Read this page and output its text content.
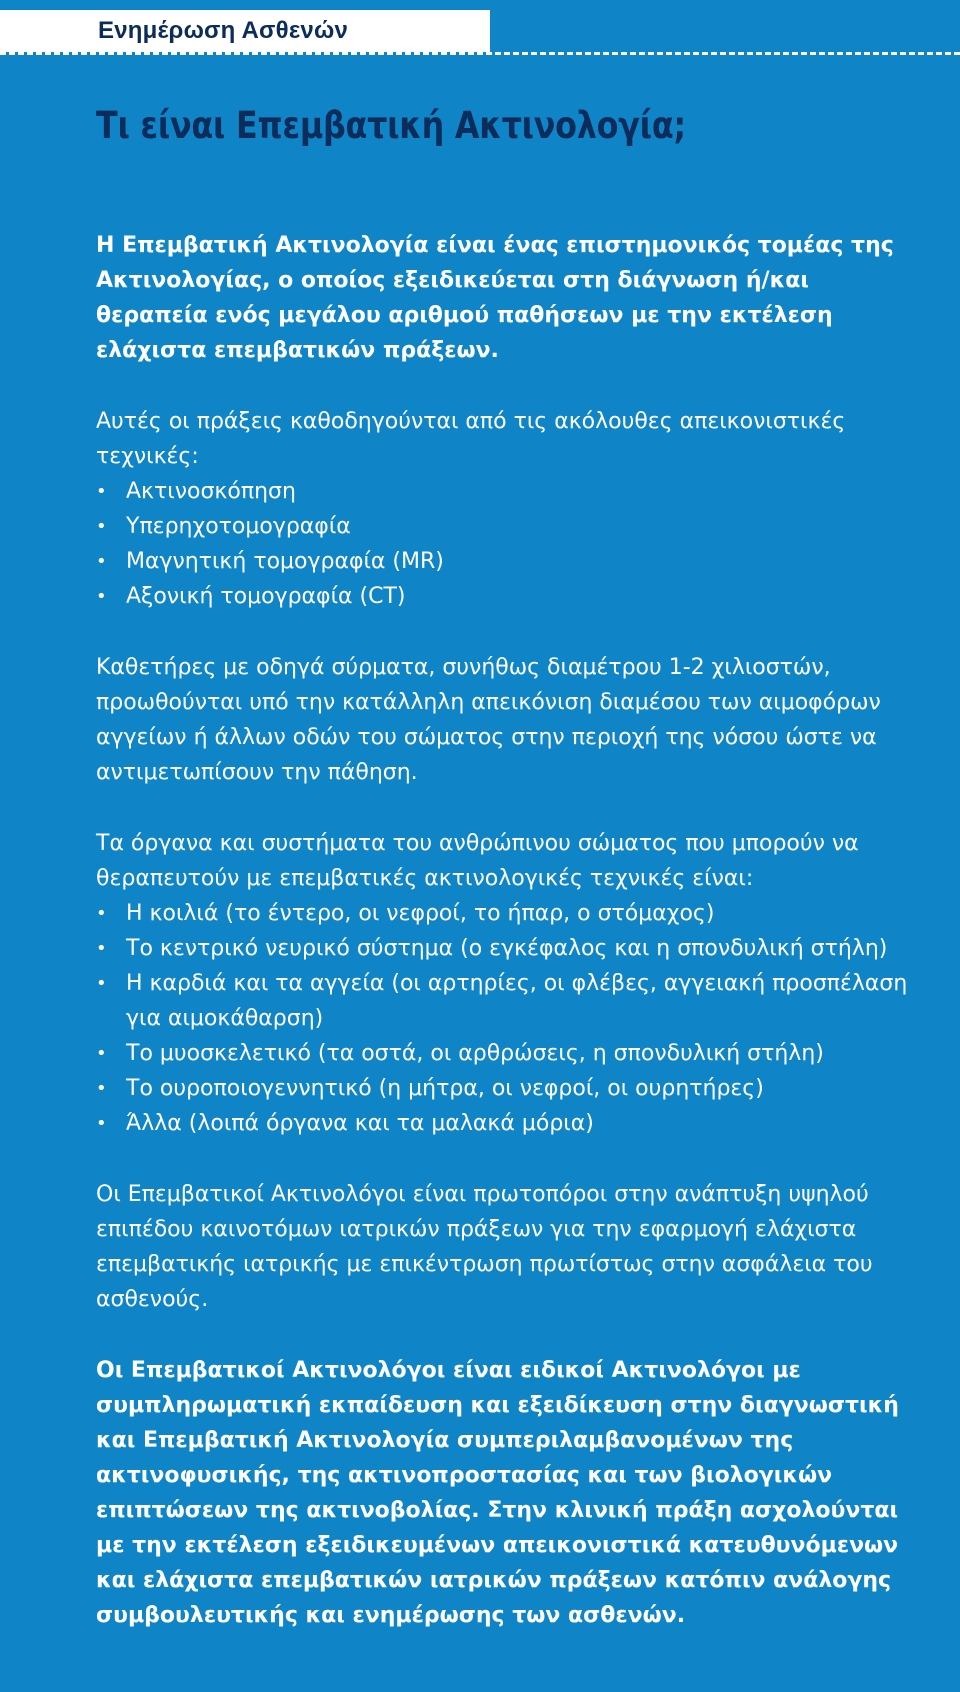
Ενημέρωση Ασθενών
Τι είναι Επεμβατική Ακτινολογία;

Η Επεμβατική Ακτινολογία είναι ένας επιστημονικός τομέας της Ακτινολογίας, ο οποίος εξειδικεύεται στη διάγνωση ή/και θεραπεία ενός μεγάλου αριθμού παθήσεων με την εκτέλεση ελάχιστα επεμβατικών πράξεων.

Αυτές οι πράξεις καθοδηγούνται από τις ακόλουθες απεικονιστικές τεχνικές:

• Ακτινοσκόπηση
• Υπερηχοτομογραφία
• Μαγνητική τομογραφία (MR)
• Αξονική τομογραφία (CT)

Καθετήρες με οδηγά σύρματα, συνήθως διαμέτρου 1-2 χιλιοστών, προωθούνται υπό την κατάλληλη απεικόνιση διαμέσου των αιμοφόρων αγγείων ή άλλων οδών του σώματος στην περιοχή της νόσου ώστε να αντιμετωπίσουν την πάθηση.

Τα όργανα και συστήματα του ανθρώπινου σώματος που μπορούν να θεραπευτούν με επεμβατικές ακτινολογικές τεχνικές είναι:

• Η κοιλιά (το έντερο, οι νεφροί, το ήπαρ, ο στόμαχος)
• Το κεντρικό νευρικό σύστημα (ο εγκέφαλος και η σπονδυλική στήλη)
• Η καρδιά και τα αγγεία (οι αρτηρίες, οι φλέβες, αγγειακή προσπέλαση για αιμοκάθαρση)
• Το μυοσκελετικό (τα οστά, οι αρθρώσεις, η σπονδυλική στήλη)
• Το ουροποιογεννητικό (η μήτρα, οι νεφροί, οι ουρητήρες)
• Άλλα (λοιπά όργανα και τα μαλακά μόρια)

Οι Επεμβατικοί Ακτινολόγοι είναι πρωτοπόροι στην ανάπτυξη υψηλού επιπέδου καινοτόμων ιατρικών πράξεων για την εφαρμογή ελάχιστα επεμβατικής ιατρικής με επικέντρωση πρωτίστως στην ασφάλεια του ασθενούς.

Οι Επεμβατικοί Ακτινολόγοι είναι ειδικοί Ακτινολόγοι με συμπληρωματική εκπαίδευση και εξειδίκευση στην διαγνωστική και Επεμβατική Ακτινολογία συμπεριλαμβανομένων της ακτινοφυσικής, της ακτινοπροστασίας και των βιολογικών επιπτώσεων της ακτινοβολίας. Στην κλινική πράξη ασχολούνται με την εκτέλεση εξειδικευμένων απεικονιστικά κατευθυνόμενων και ελάχιστα επεμβατικών ιατρικών πράξεων κατόπιν ανάλογης συμβουλευτικής και ενημέρωσης των ασθενών.
